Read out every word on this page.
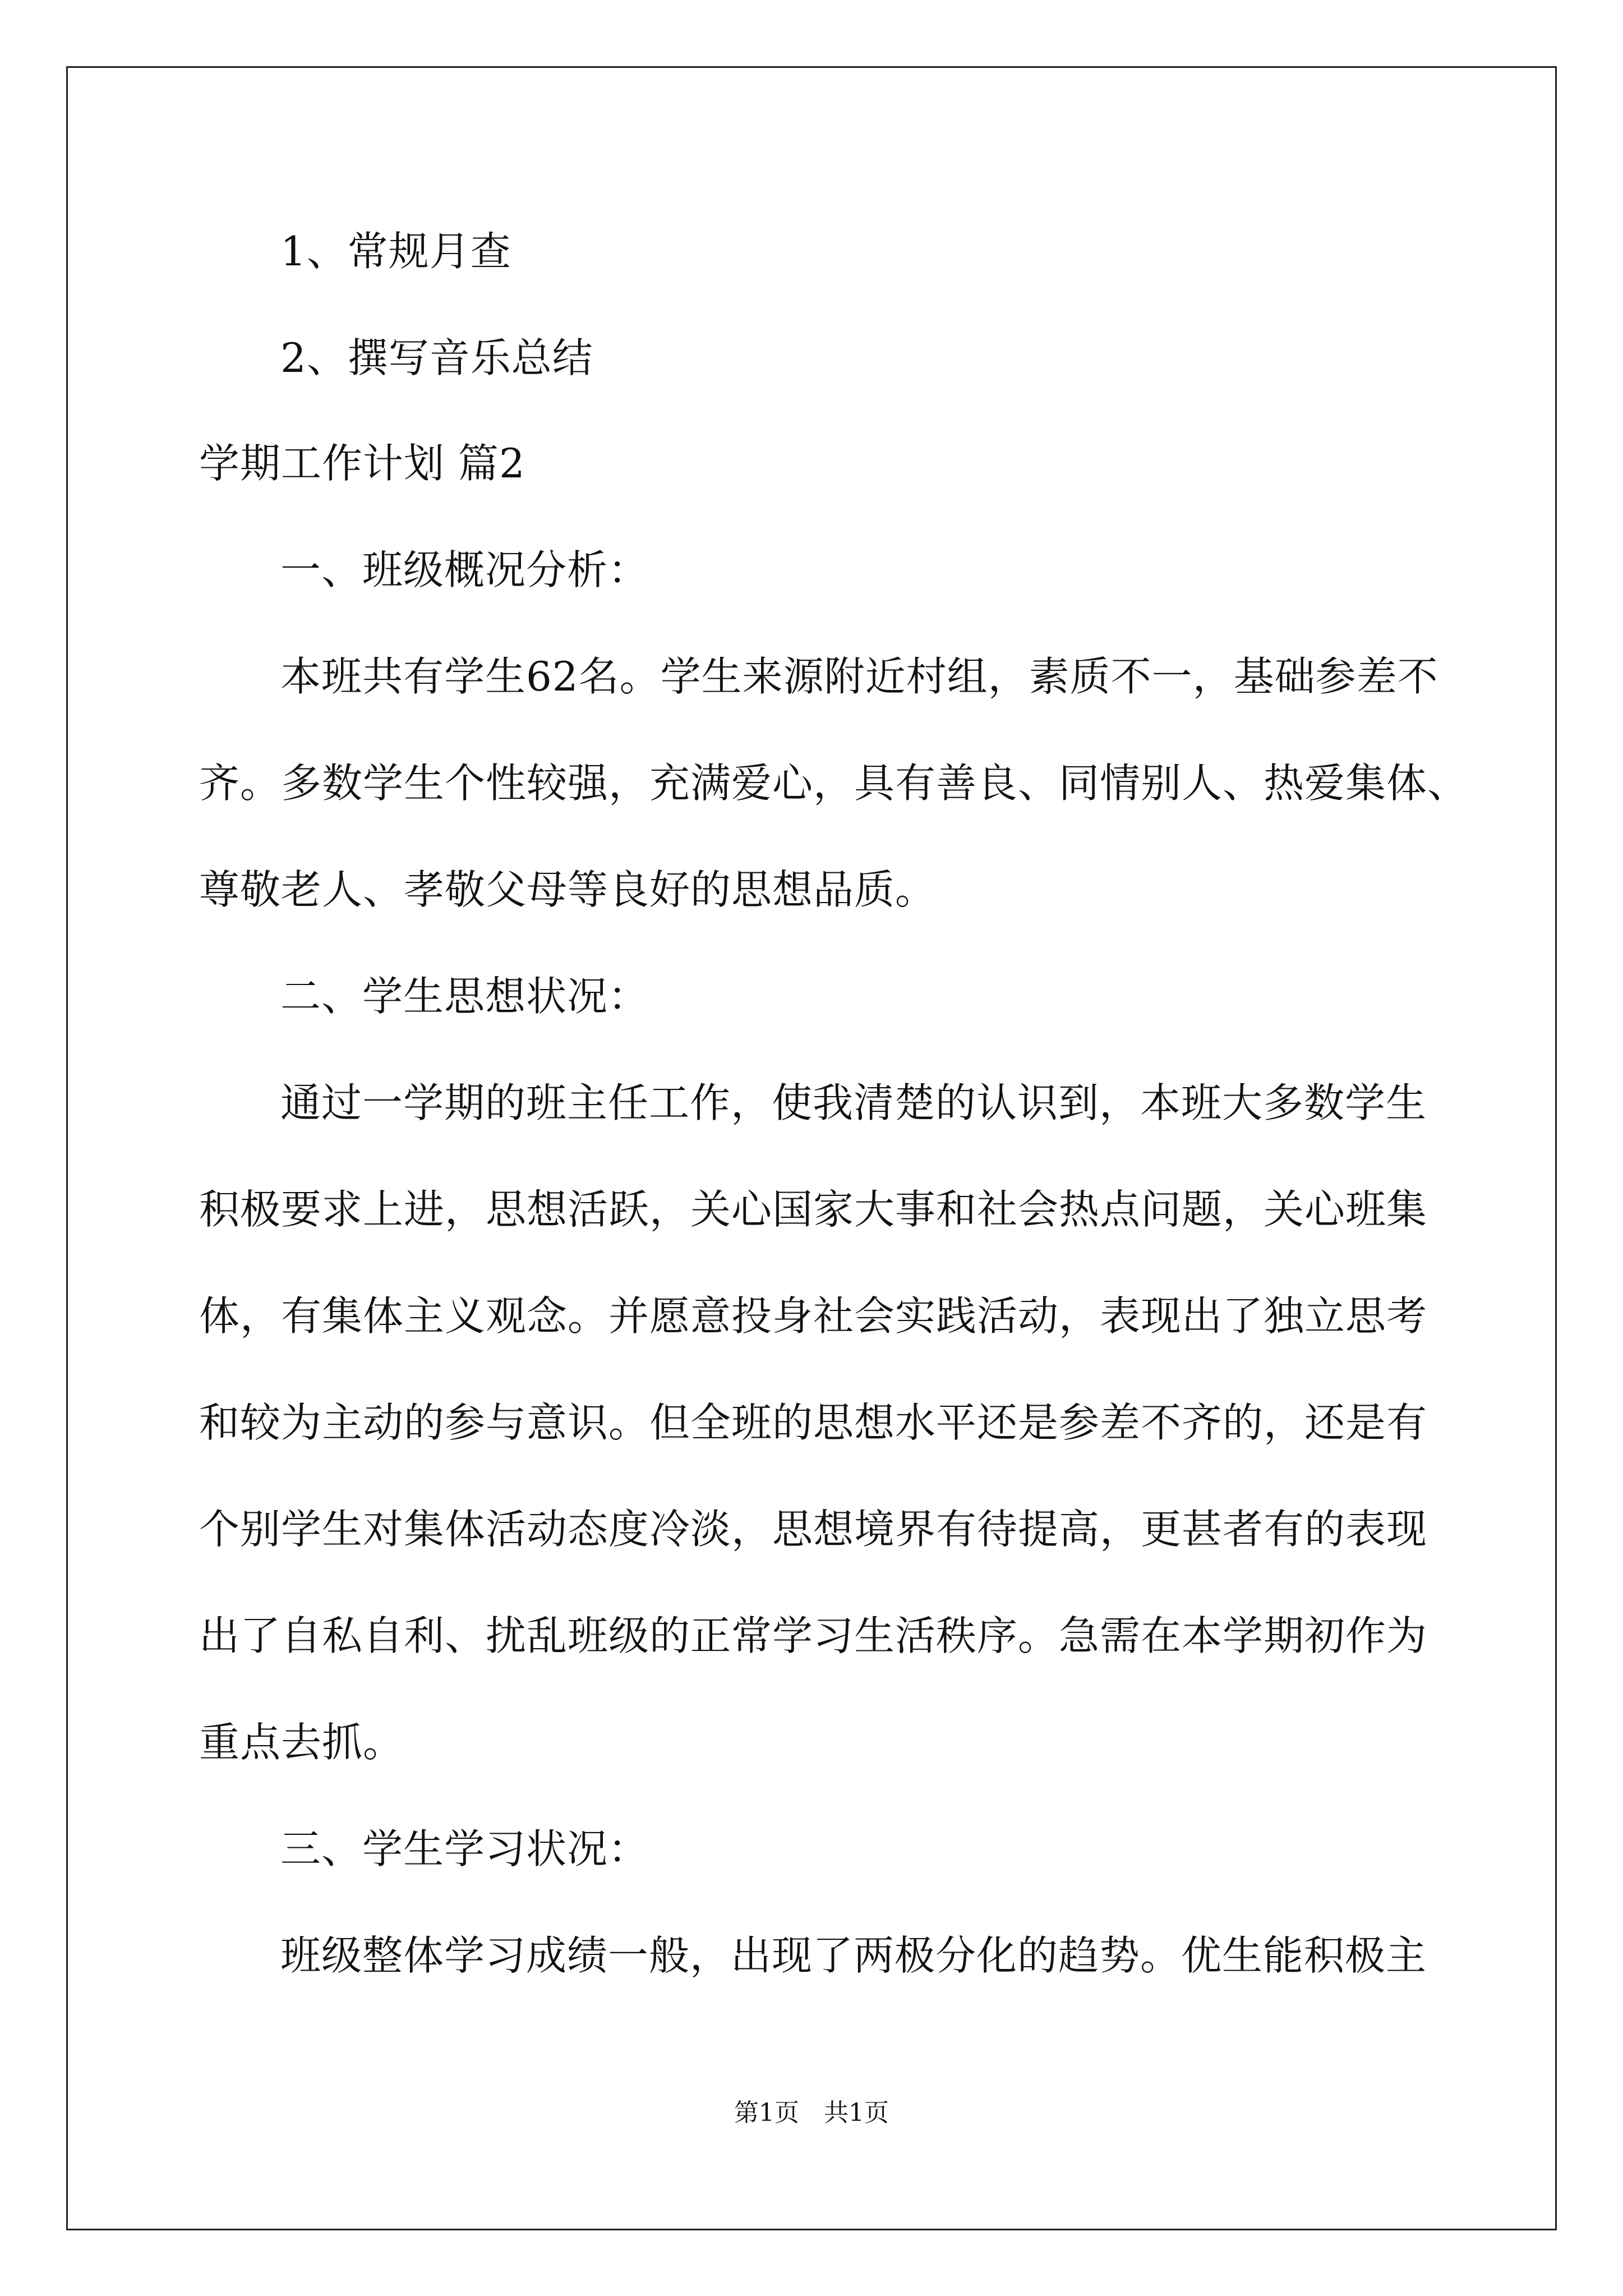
1、常规月查
2、撰写音乐总结
学期工作计划 篇2
一、班级概况分析：
本班共有学生62名。学生来源附近村组，素质不一，基础参差不
齐。多数学生个性较强，充满爱心，具有善良、同情别人、热爱集体、
尊敬老人、孝敬父母等良好的思想品质。
二、学生思想状况：
通过一学期的班主任工作，使我清楚的认识到，本班大多数学生
积极要求上进，思想活跃，关心国家大事和社会热点问题，关心班集
体，有集体主义观念。并愿意投身社会实践活动，表现出了独立思考
和较为主动的参与意识。但全班的思想水平还是参差不齐的，还是有
个别学生对集体活动态度冷淡，思想境界有待提高，更甚者有的表现
出了自私自利、扰乱班级的正常学习生活秩序。急需在本学期初作为
重点去抓。
三、学生学习状况：
班级整体学习成绩一般，出现了两极分化的趋势。优生能积极主
第1页　共1页
